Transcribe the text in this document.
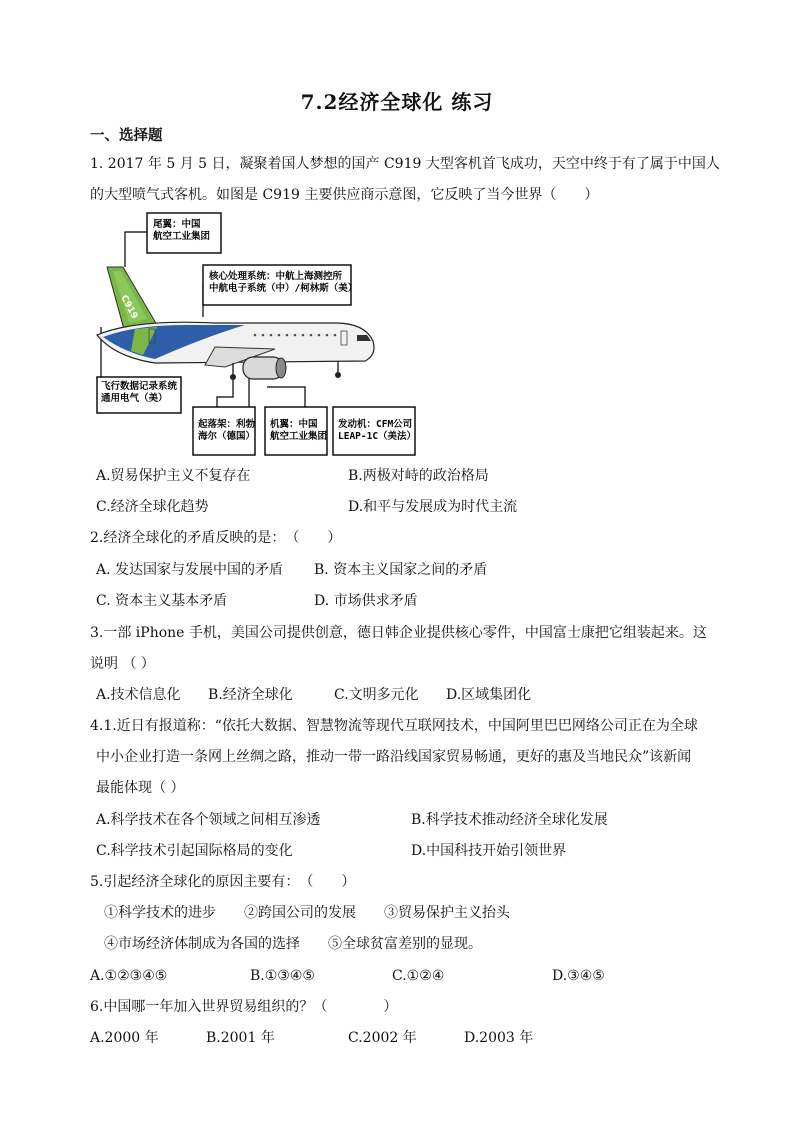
7.2经济全球化 练习
一、选择题
1. 2017 年 5 月 5 日，凝聚着国人梦想的国产 C919 大型客机首飞成功，天空中终于有了属于中国人
的大型喷气式客机。如图是 C919 主要供应商示意图，它反映了当今世界（　　）
C919
尾翼：中国
航空工业集团
核心处理系统：中航上海测控所
中航电子系统（中）/柯林斯（美）
飞行数据记录系统
通用电气（美）
起落架：利勃
海尔（德国）
机翼：中国
航空工业集团
发动机：CFM公司
LEAP-1C（美法）
A.贸易保护主义不复存在	B.两极对峙的政治格局
C.经济全球化趋势	D.和平与发展成为时代主流
2.经济全球化的矛盾反映的是：　（　　）
A. 发达国家与发展中国的矛盾 B. 资本主义国家之间的矛盾
C. 资本主义基本矛盾	D. 市场供求矛盾
3.一部 iPhone 手机，美国公司提供创意，德日韩企业提供核心零件，中国富士康把它组装起来。这
说明 （ ）
A.技术信息化 B.经济全球化	C.文明多元化 D.区域集团化
4.1.近日有报道称：“依托大数据、智慧物流等现代互联网技术，中国阿里巴巴网络公司正在为全球
中小企业打造一条网上丝绸之路，推动一带一路沿线国家贸易畅通，更好的惠及当地民众”该新闻
最能体现（ ）
A.科学技术在各个领域之间相互渗透	B.科学技术推动经济全球化发展
C.科学技术引起国际格局的变化	D.中国科技开始引领世界
5.引起经济全球化的原因主要有：　（　　）
①科学技术的进步　　②跨国公司的发展　　③贸易保护主义抬头
④市场经济体制成为各国的选择　　⑤全球贫富差别的显现。
A.①②③④⑤	B.①③④⑤	C.①②④	D.③④⑤
6.中国哪一年加入世界贸易组织的？（　　　　）
A.2000 年	B.2001 年	C.2002 年	D.2003 年
